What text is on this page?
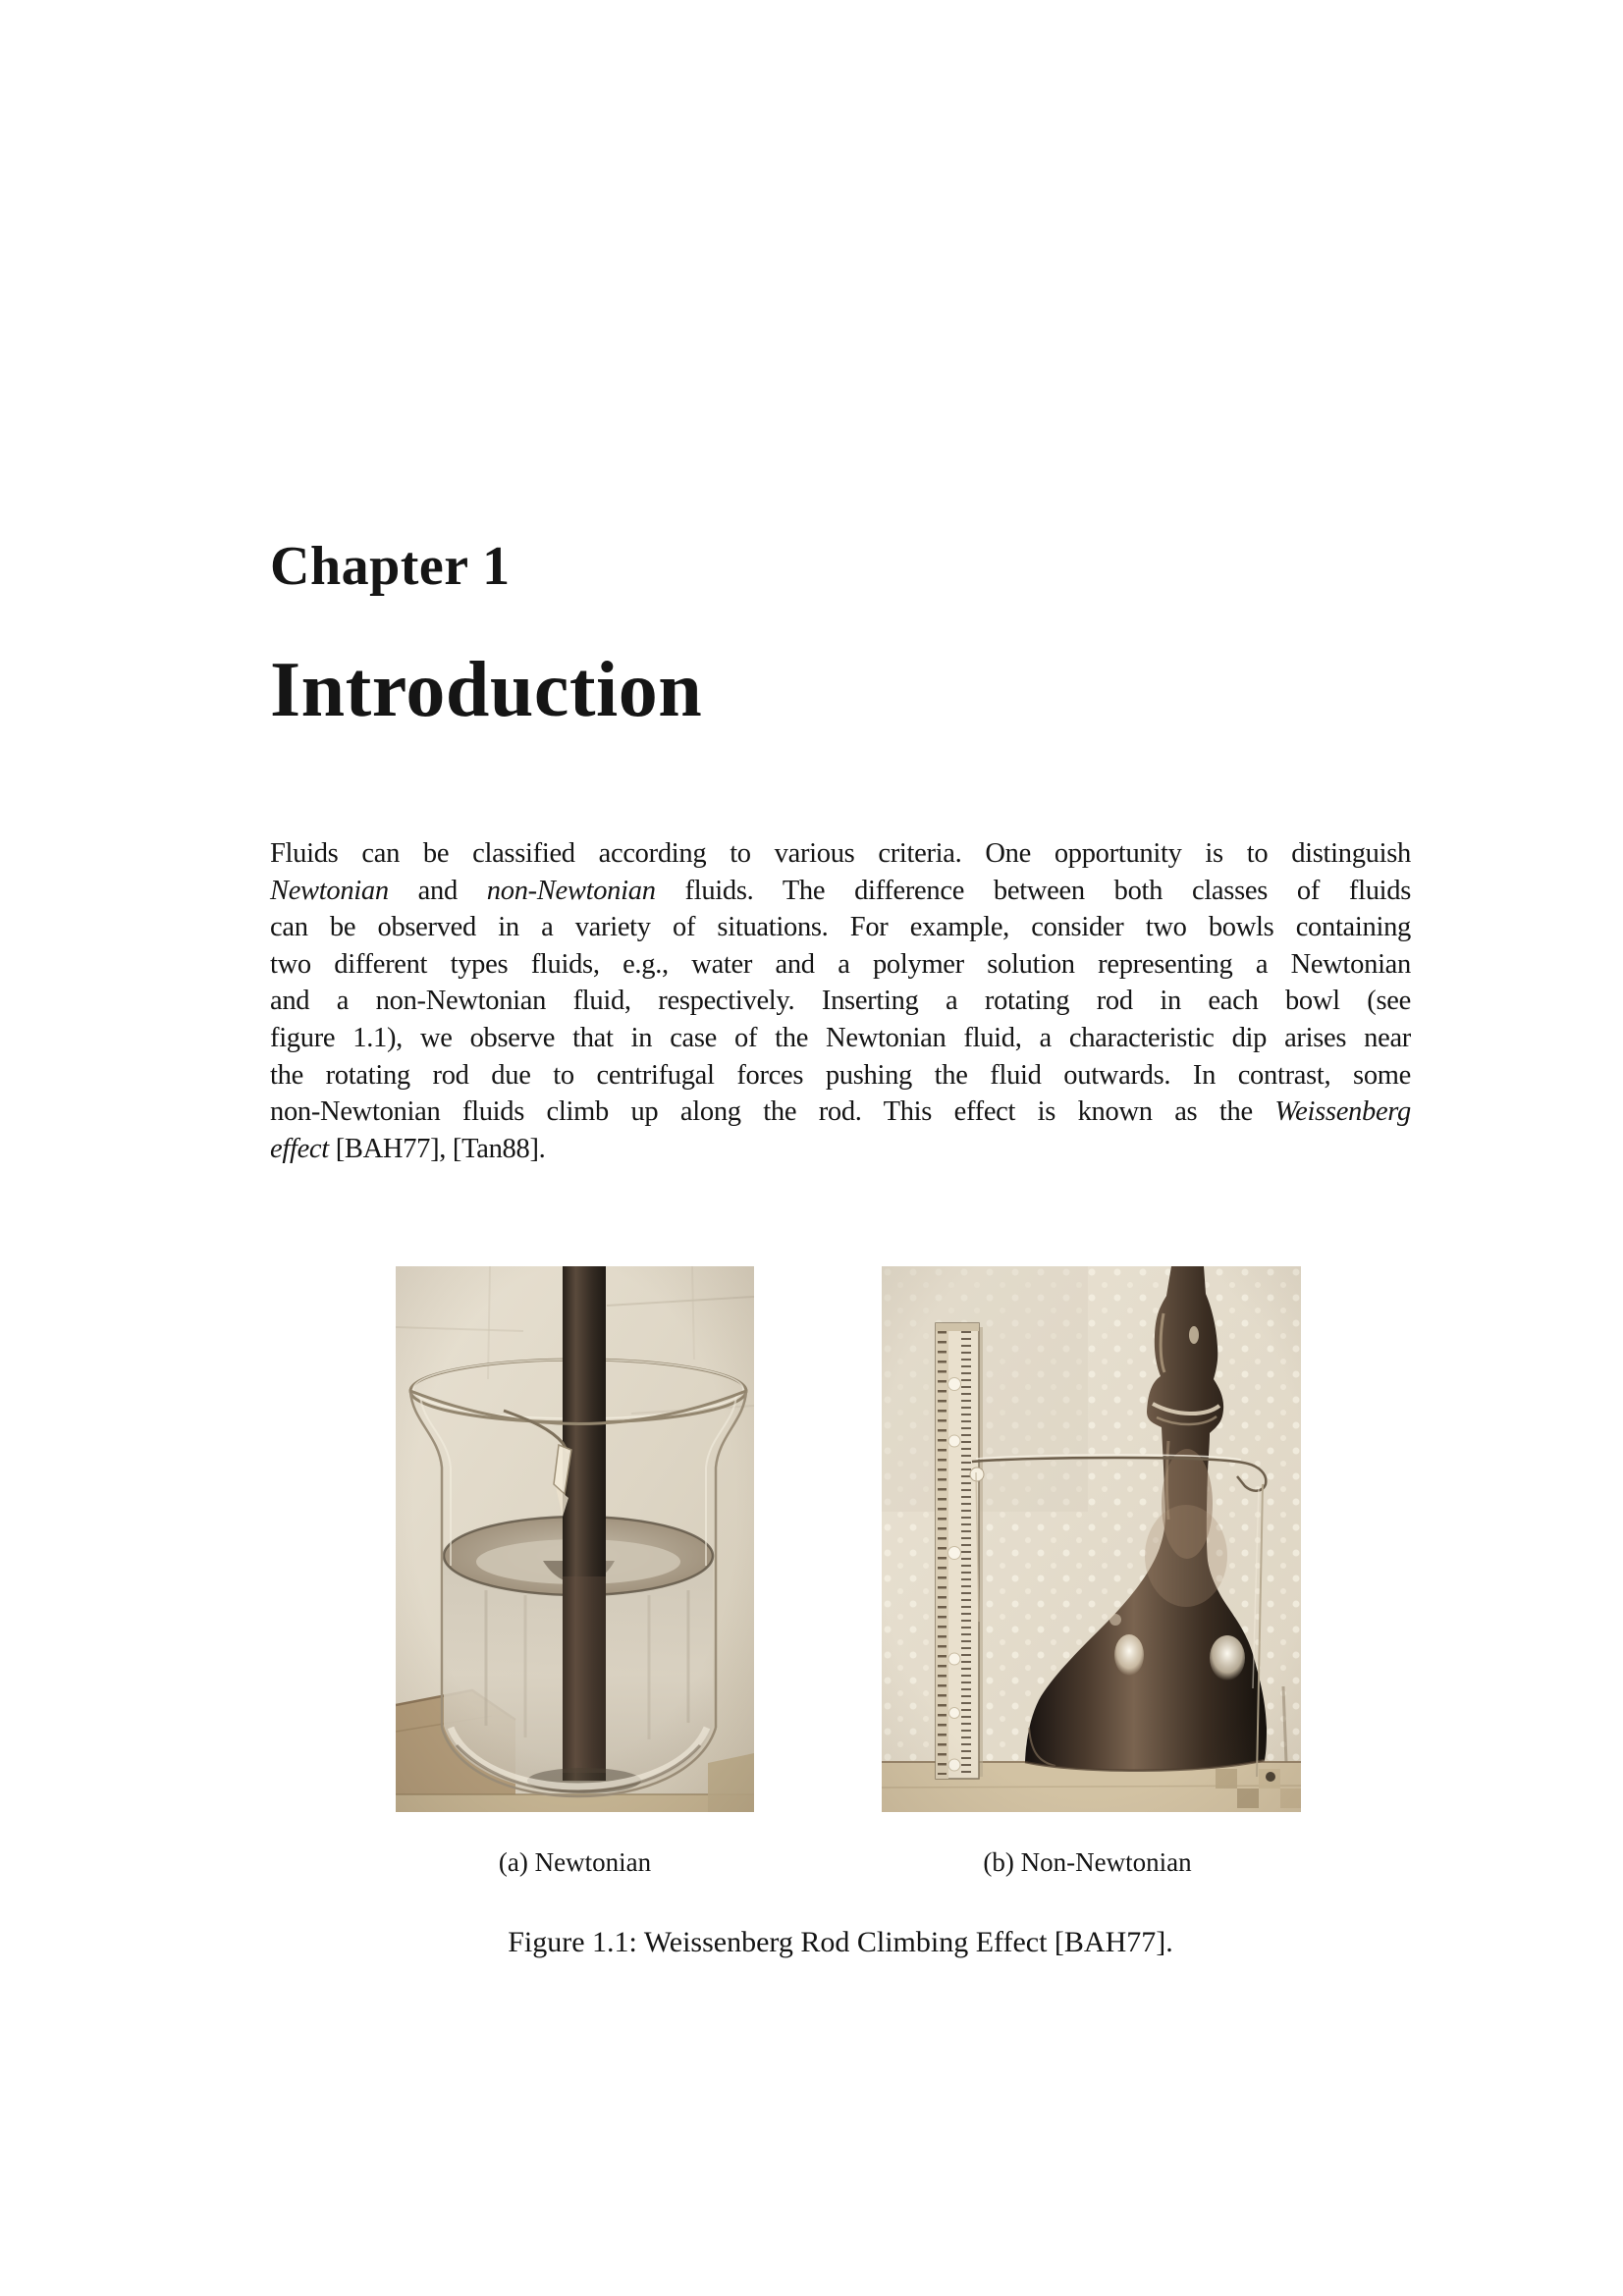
Chapter 1
Introduction
Fluids can be classified according to various criteria. One opportunity is to distinguish
Newtonian and non-Newtonian fluids. The difference between both classes of fluids
can be observed in a variety of situations. For example, consider two bowls containing
two different types fluids, e.g., water and a polymer solution representing a Newtonian
and a non-Newtonian fluid, respectively. Inserting a rotating rod in each bowl (see
figure 1.1), we observe that in case of the Newtonian fluid, a characteristic dip arises near
the rotating rod due to centrifugal forces pushing the fluid outwards. In contrast, some
non-Newtonian fluids climb up along the rod. This effect is known as the Weissenberg
effect [BAH77], [Tan88].
(a) Newtonian	(b) Non-Newtonian
Figure 1.1: Weissenberg Rod Climbing Effect [BAH77].
